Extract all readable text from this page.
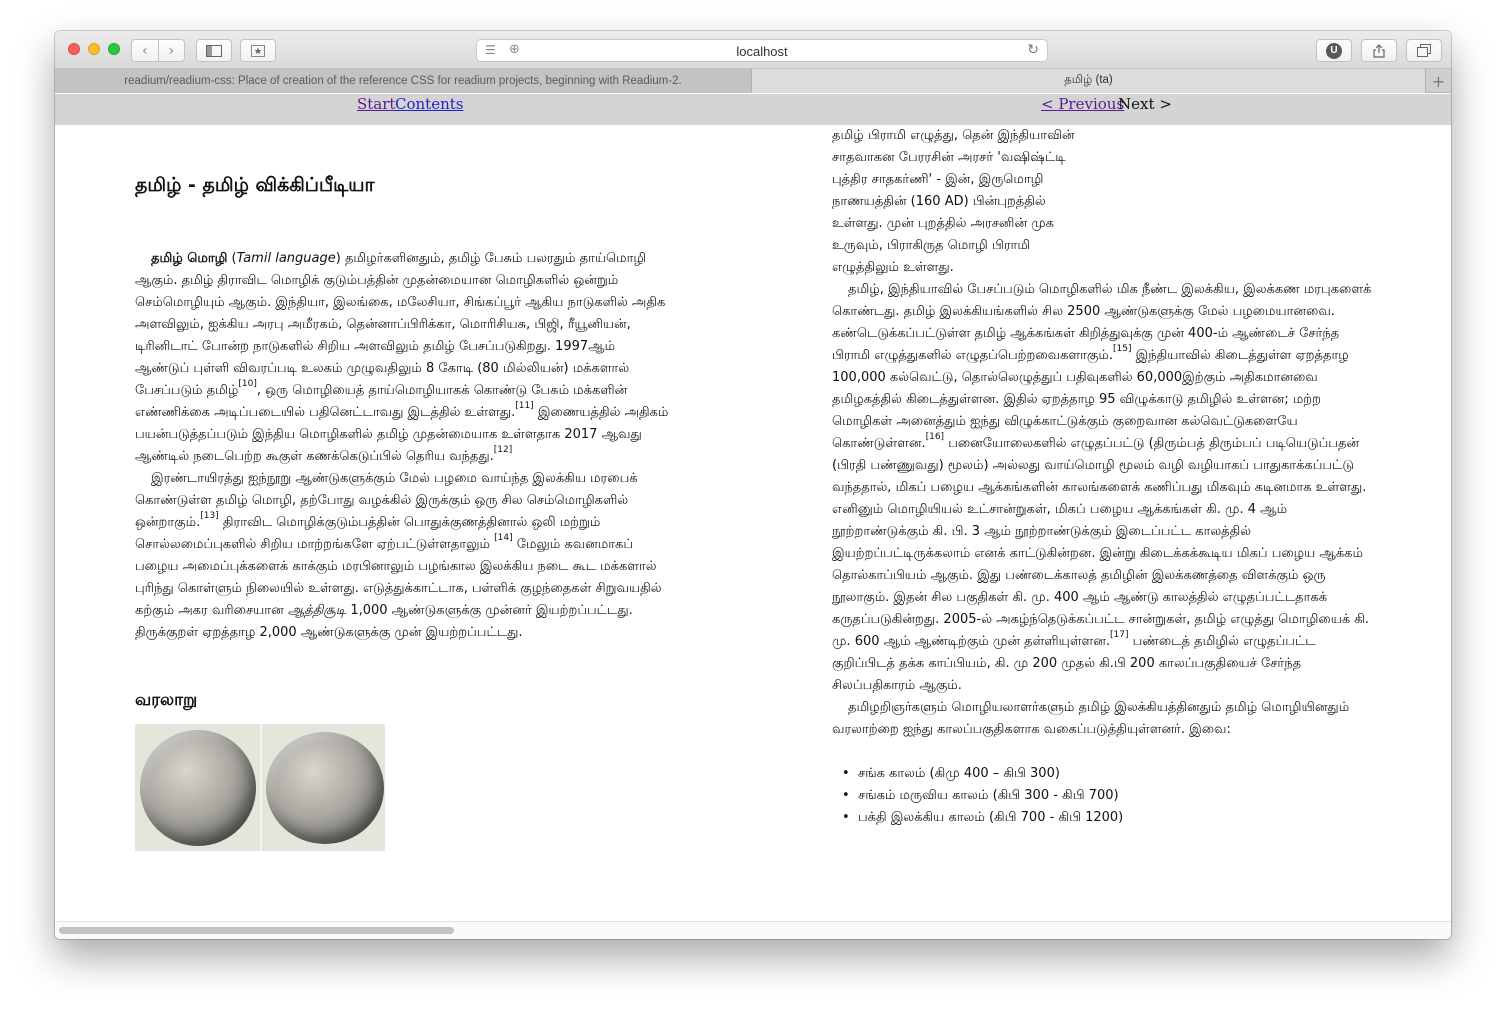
‹	›	☰ ⊕	localhost	↻	U
readium/readium-css: Place of creation of the reference CSS for readium projects, beginning with Readium-2.	தமிழ் (ta)	+
Start Contents	< Previous
Next >
தமிழ் - தமிழ் விக்கிப்பீடியா

தமிழ் மொழி (Tamil language) தமிழர்களினதும், தமிழ் பேசும் பலரதும் தாய்மொழி ஆகும். தமிழ் திராவிட மொழிக் குடும்பத்தின் முதன்மையான மொழிகளில் ஒன்றும் செம்மொழியும் ஆகும். இந்தியா, இலங்கை, மலேசியா, சிங்கப்பூர் ஆகிய நாடுகளில் அதிக அளவிலும், ஐக்கிய அரபு அமீரகம், தென்னாப்பிரிக்கா, மொரிசியசு, பிஜி, ரீயூனியன், டிரினிடாட் போன்ற நாடுகளில் சிறிய அளவிலும் தமிழ் பேசப்படுகிறது. 1997ஆம் ஆண்டுப் புள்ளி விவரப்படி உலகம் முழுவதிலும் 8 கோடி (80 மில்லியன்) மக்களால் பேசப்படும் தமிழ்[10], ஒரு மொழியைத் தாய்மொழியாகக் கொண்டு பேசும் மக்களின் எண்ணிக்கை அடிப்படையில் பதினெட்டாவது இடத்தில் உள்ளது.[11] இணையத்தில் அதிகம் பயன்படுத்தப்படும் இந்திய மொழிகளில் தமிழ் முதன்மையாக உள்ளதாக 2017 ஆவது ஆண்டில் நடைபெற்ற கூகுள் கணக்கெடுப்பில் தெரிய வந்தது.[12]

இரண்டாயிரத்து ஐந்நூறு ஆண்டுகளுக்கும் மேல் பழமை வாய்ந்த இலக்கிய மரபைக் கொண்டுள்ள தமிழ் மொழி, தற்போது வழக்கில் இருக்கும் ஒரு சில செம்மொழிகளில் ஒன்றாகும்.[13] திராவிட மொழிக்குடும்பத்தின் பொதுக்குணத்தினால் ஒலி மற்றும் சொல்லமைப்புகளில் சிறிய மாற்றங்களே ஏற்பட்டுள்ளதாலும் [14] மேலும் கவனமாகப் பழைய அமைப்புக்களைக் காக்கும் மரபினாலும் பழங்கால இலக்கிய நடை கூட மக்களால் புரிந்து கொள்ளும் நிலையில் உள்ளது. எடுத்துக்காட்டாக, பள்ளிக் குழந்தைகள் சிறுவயதில் கற்கும் அகர வரிசையான ஆத்திசூடி 1,000 ஆண்டுகளுக்கு முன்னர் இயற்றப்பட்டது. திருக்குறள் ஏறத்தாழ 2,000 ஆண்டுகளுக்கு முன் இயற்றப்பட்டது.

வரலாறு

தமிழ் பிராமி எழுத்து, தென் இந்தியாவின் சாதவாகன பேரரசின் அரசர் 'வஷிஷ்ட்டி புத்திர சாதகர்ணி' - இன், இருமொழி நாணயத்தின் (160 AD) பின்புறத்தில் உள்ளது. முன் புறத்தில் அரசனின் முக உருவும், பிராகிருத மொழி பிராமி எழுத்திலும் உள்ளது.

தமிழ், இந்தியாவில் பேசப்படும் மொழிகளில் மிக நீண்ட இலக்கிய, இலக்கண மரபுகளைக் கொண்டது. தமிழ் இலக்கியங்களில் சில 2500 ஆண்டுகளுக்கு மேல் பழமையானவை. கண்டெடுக்கப்பட்டுள்ள தமிழ் ஆக்கங்கள் கிறித்துவுக்கு முன் 400-ம் ஆண்டைச் சேர்ந்த பிராமி எழுத்துகளில் எழுதப்பெற்றவைகளாகும்.[15] இந்தியாவில் கிடைத்துள்ள ஏறத்தாழ 100,000 கல்வெட்டு, தொல்லெழுத்துப் பதிவுகளில் 60,000இற்கும் அதிகமானவை தமிழகத்தில் கிடைத்துள்ளன. இதில் ஏறத்தாழ 95 விழுக்காடு தமிழில் உள்ளன; மற்ற மொழிகள் அனைத்தும் ஐந்து விழுக்காட்டுக்கும் குறைவான கல்வெட்டுகளையே கொண்டுள்ளன.[16] பனையோலைகளில் எழுதப்பட்டு (திரும்பத் திரும்பப் படியெடுப்பதன் (பிரதி பண்ணுவது) மூலம்) அல்லது வாய்மொழி மூலம் வழி வழியாகப் பாதுகாக்கப்பட்டு வந்ததால், மிகப் பழைய ஆக்கங்களின் காலங்களைக் கணிப்பது மிகவும் கடினமாக உள்ளது. எனினும் மொழியியல் உட்சான்றுகள், மிகப் பழைய ஆக்கங்கள் கி. மு. 4 ஆம் நூற்றாண்டுக்கும் கி. பி. 3 ஆம் நூற்றாண்டுக்கும் இடைப்பட்ட காலத்தில் இயற்றப்பட்டிருக்கலாம் எனக் காட்டுகின்றன. இன்று கிடைக்கக்கூடிய மிகப் பழைய ஆக்கம் தொல்காப்பியம் ஆகும். இது பண்டைக்காலத் தமிழின் இலக்கணத்தை விளக்கும் ஒரு நூலாகும். இதன் சில பகுதிகள் கி. மு. 400 ஆம் ஆண்டு காலத்தில் எழுதப்பட்டதாகக் கருதப்படுகின்றது. 2005-ல் அகழ்ந்தெடுக்கப்பட்ட சான்றுகள், தமிழ் எழுத்து மொழியைக் கி. மு. 600 ஆம் ஆண்டிற்கும் முன் தள்ளியுள்ளன.[17] பண்டைத் தமிழில் எழுதப்பட்ட குறிப்பிடத் தக்க காப்பியம், கி. மு 200 முதல் கி.பி 200 காலப்பகுதியைச் சேர்ந்த சிலப்பதிகாரம் ஆகும்.

தமிழறிஞர்களும் மொழியலாளர்களும் தமிழ் இலக்கியத்தினதும் தமிழ் மொழியினதும் வரலாற்றை ஐந்து காலப்பகுதிகளாக வகைப்படுத்தியுள்ளனர். இவை:

• சங்க காலம் (கிமு 400 – கிபி 300)
• சங்கம் மருவிய காலம் (கிபி 300 - கிபி 700)
• பக்தி இலக்கிய காலம் (கிபி 700 - கிபி 1200)
